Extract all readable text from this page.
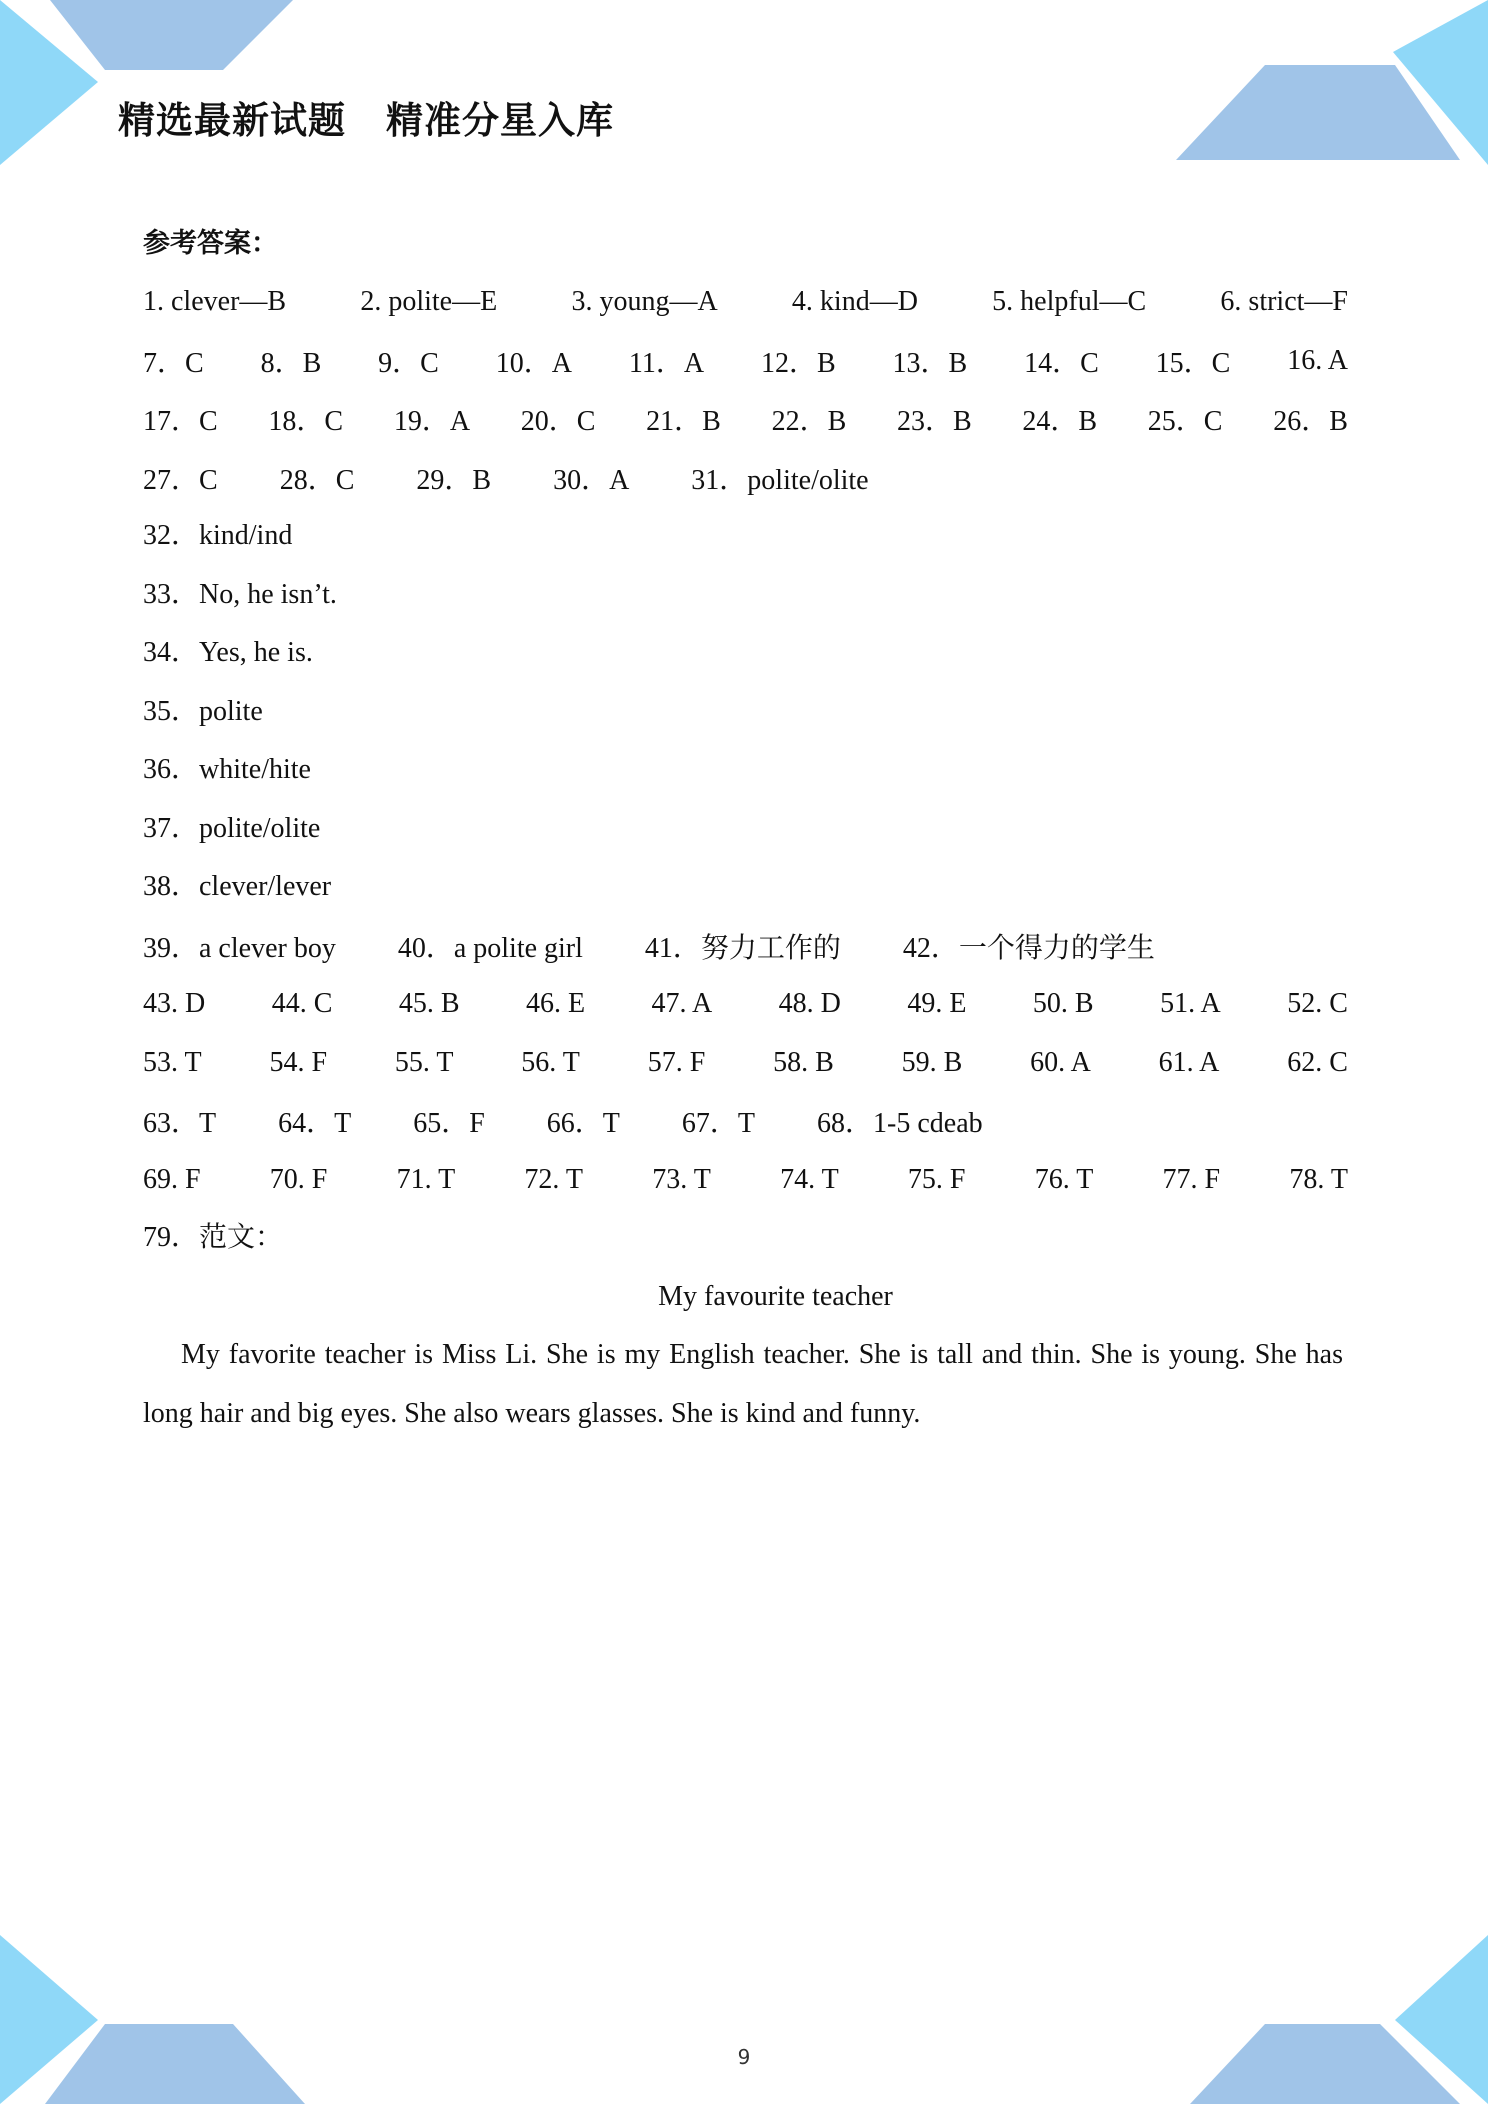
精选最新试题 精准分星入库
参考答案：
1. clever—B	2. polite—E	3. young—A	4. kind—D	5. helpful—C	6. strict—F
7．C 8．B 9．C 10．A 11．A 12．B 13．B 14．C 15．C 16. A
17．C 18．C 19．A 20．C 21．B 22．B 23．B 24．B 25．C 26．B
27．C 28．C 29．B 30．A 31．polite/olite
32．kind/ind
33．No, he isn’t.
34．Yes, he is.
35．polite
36．white/hite
37．polite/olite
38．clever/lever
39．a clever boy 40．a polite girl 41．努力工作的 42．一个得力的学生
43. D 44. C 45. B 46. E 47. A 48. D 49. E 50. B 51. A 52. C
53. T 54. F 55. T 56. T 57. F 58. B 59. B 60. A 61. A 62. C
63．T 64．T 65．F 66．T 67．T 68．1-5 cdeab
69. F 70. F 71. T 72. T 73. T 74. T 75. F 76. T 77. F 78. T
79．范文：
My favourite teacher
My favorite teacher is Miss Li. She is my English teacher. She is tall and thin. She is young. She has long hair and big eyes. She also wears glasses. She is kind and funny.
9
